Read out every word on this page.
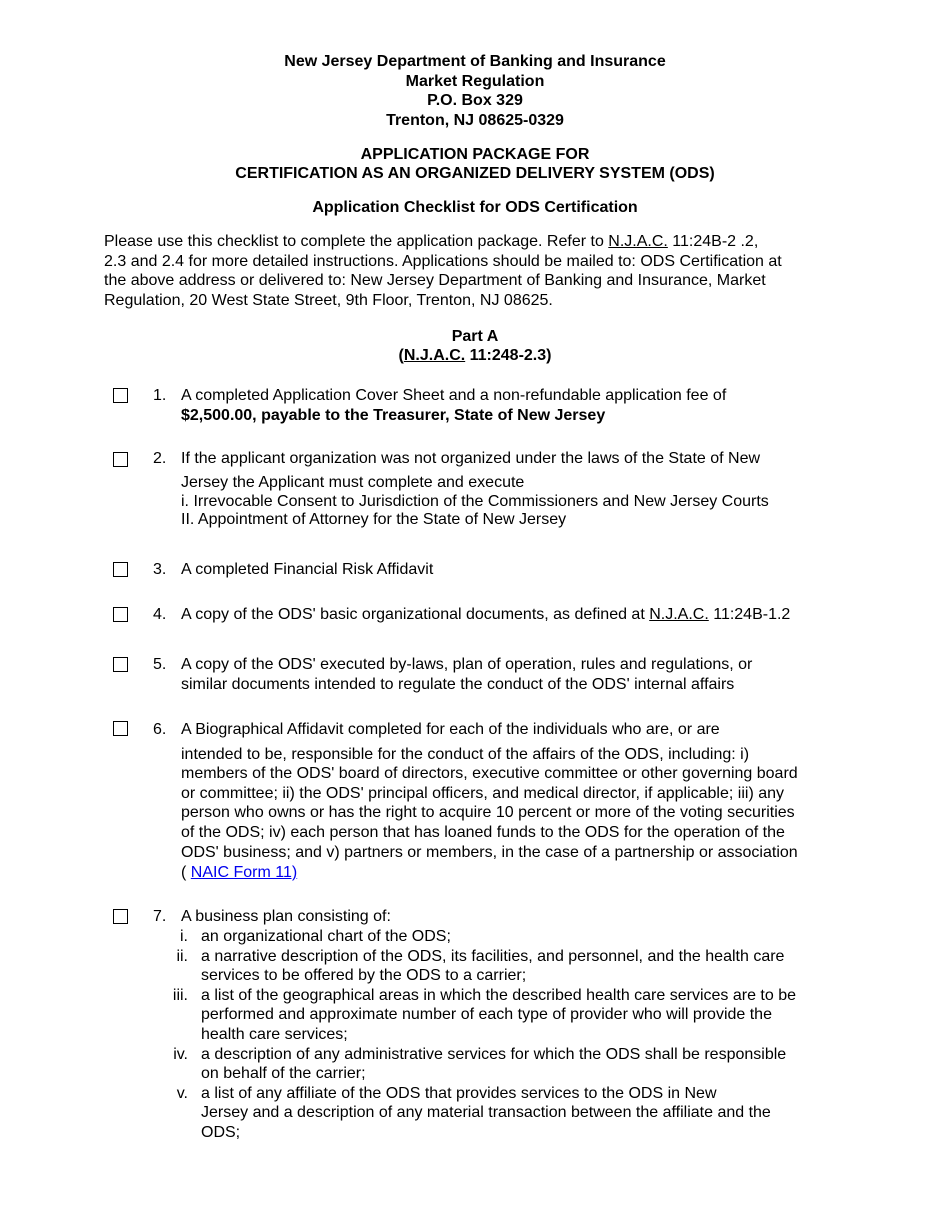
New Jersey Department of Banking and Insurance
Market Regulation
P.O. Box 329
Trenton, NJ 08625-0329
APPLICATION PACKAGE FOR
CERTIFICATION AS AN ORGANIZED DELIVERY SYSTEM (ODS)
Application Checklist for ODS Certification
Please use this checklist to complete the application package. Refer to N.J.A.C. 11:24B-2 .2,
2.3 and 2.4 for more detailed instructions. Applications should be mailed to: ODS Certification at
the above address or delivered to: New Jersey Department of Banking and Insurance, Market
Regulation, 20 West State Street, 9th Floor, Trenton, NJ 08625.
Part A
(N.J.A.C. 11:248-2.3)
1. A completed Application Cover Sheet and a non-refundable application fee of
$2,500.00, payable to the Treasurer, State of New Jersey
2. If the applicant organization was not organized under the laws of the State of New
Jersey the Applicant must complete and execute
i. Irrevocable Consent to Jurisdiction of the Commissioners and New Jersey Courts
II. Appointment of Attorney for the State of New Jersey
3. A completed Financial Risk Affidavit
4. A copy of the ODS' basic organizational documents, as defined at N.J.A.C. 11:24B-1.2
5. A copy of the ODS' executed by-laws, plan of operation, rules and regulations, or
similar documents intended to regulate the conduct of the ODS' internal affairs
6. A Biographical Affidavit completed for each of the individuals who are, or are
intended to be, responsible for the conduct of the affairs of the ODS, including: i)
members of the ODS' board of directors, executive committee or other governing board
or committee; ii) the ODS' principal officers, and medical director, if applicable; iii) any
person who owns or has the right to acquire 10 percent or more of the voting securities
of the ODS; iv) each person that has loaned funds to the ODS for the operation of the
ODS' business; and v) partners or members, in the case of a partnership or association
( NAIC Form 11)
7. A business plan consisting of:
i. an organizational chart of the ODS;
ii. a narrative description of the ODS, its facilities, and personnel, and the health care
services to be offered by the ODS to a carrier;
iii. a list of the geographical areas in which the described health care services are to be
performed and approximate number of each type of provider who will provide the
health care services;
iv. a description of any administrative services for which the ODS shall be responsible
on behalf of the carrier;
v. a list of any affiliate of the ODS that provides services to the ODS in New
Jersey and a description of any material transaction between the affiliate and the
ODS;
